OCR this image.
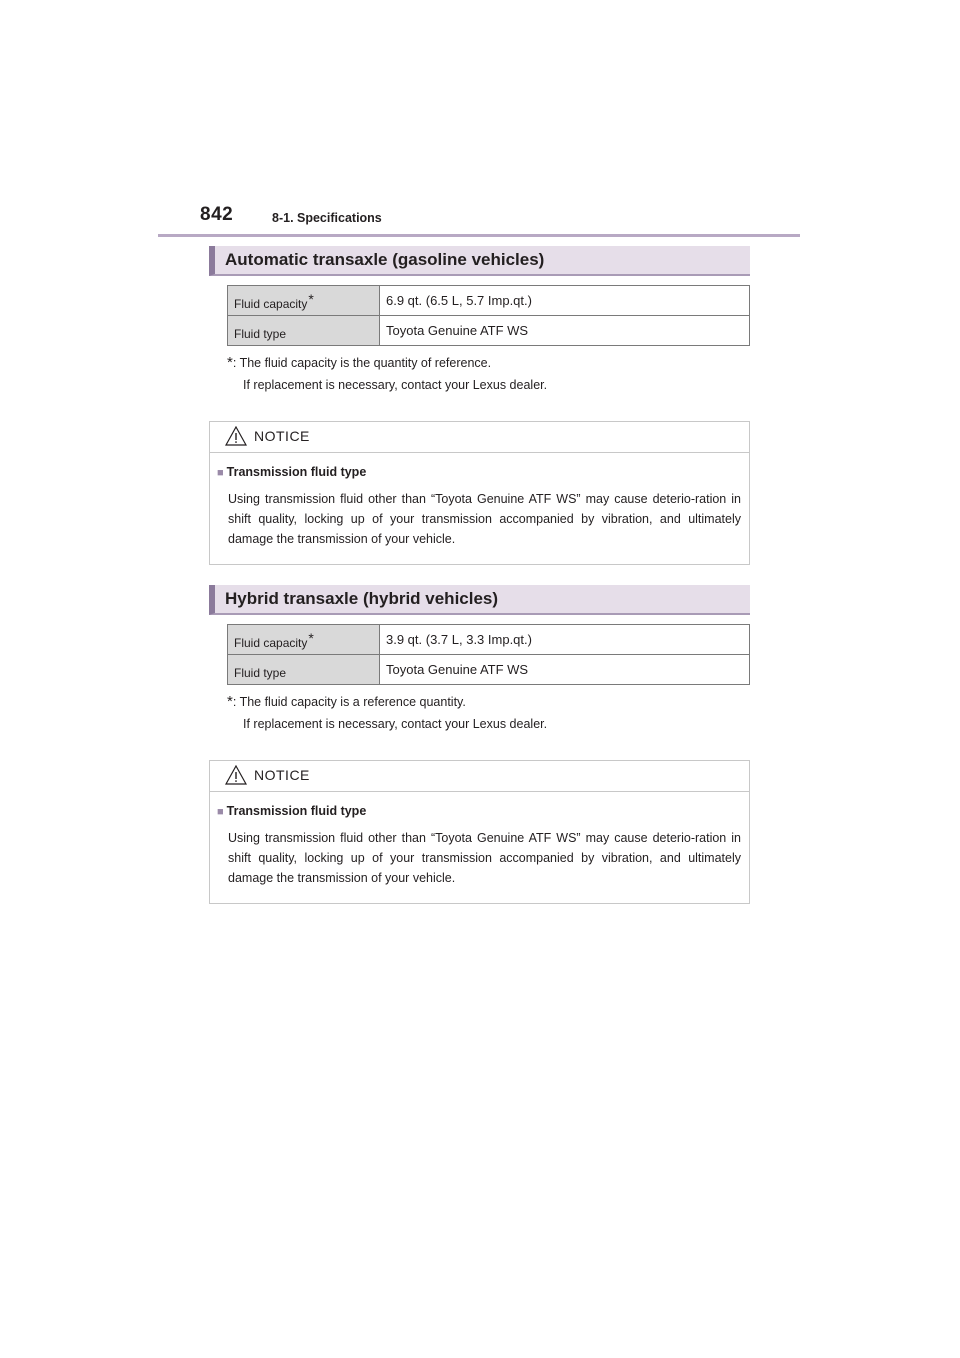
842	8-1. Specifications
Automatic transaxle (gasoline vehicles)
Fluid capacity*	6.9 qt. (6.5 L, 5.7 Imp.qt.)
Fluid type	Toyota Genuine ATF WS
*: The fluid capacity is the quantity of reference.
If replacement is necessary, contact your Lexus dealer.
NOTICE
■ Transmission fluid type
Using transmission fluid other than “Toyota Genuine ATF WS” may cause deterio-ration in shift quality, locking up of your transmission accompanied by vibration, and ultimately damage the transmission of your vehicle.
Hybrid transaxle (hybrid vehicles)
Fluid capacity*	3.9 qt. (3.7 L, 3.3 Imp.qt.)
Fluid type	Toyota Genuine ATF WS
*: The fluid capacity is a reference quantity.
If replacement is necessary, contact your Lexus dealer.
NOTICE
■ Transmission fluid type
Using transmission fluid other than “Toyota Genuine ATF WS” may cause deterio-ration in shift quality, locking up of your transmission accompanied by vibration, and ultimately damage the transmission of your vehicle.
